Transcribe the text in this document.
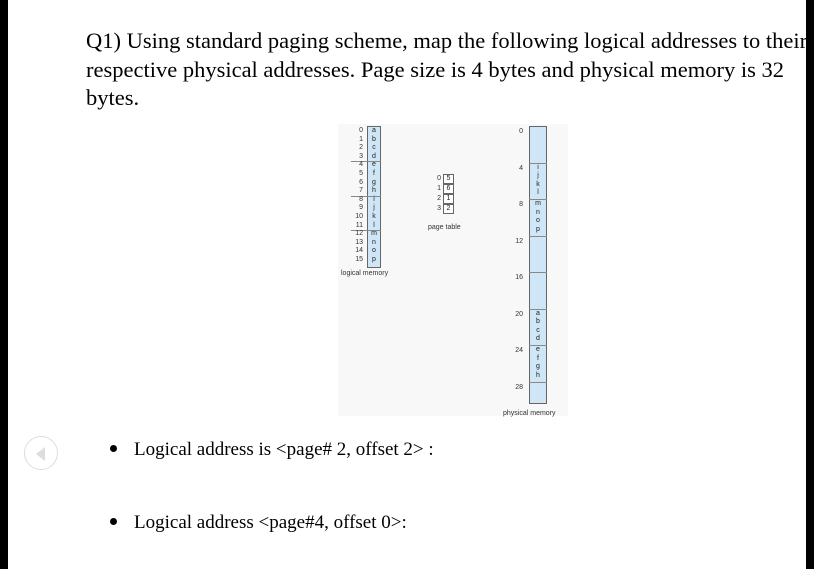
Q1) Using standard paging scheme, map the following logical addresses to their respective physical addresses. Page size is 4 bytes and physical memory is 32 bytes.
0	a
1	b
2	c
3	d
4	e
5	f
6	g
7	h
8	i
9	j
10	k
11	l
12	m
13	n
14	o
15	p
logical memory
0 5
1 6
2 1
3 2
page table
0
4
8
12
16
20
24
28
i
j
k
l
m
n
o
p
a
b
c
d
e
f
g
h
physical memory
Logical address is <page# 2, offset 2> :
Logical address <page#4, offset 0>:
